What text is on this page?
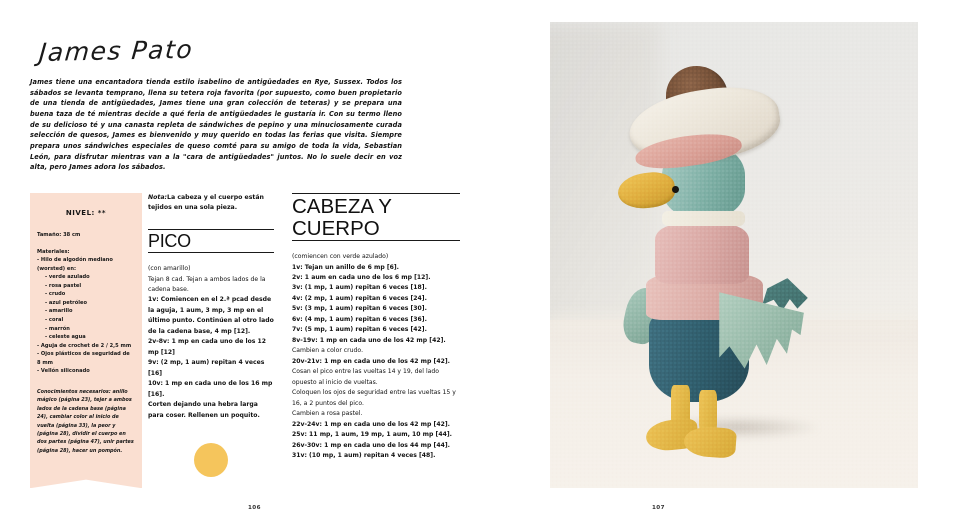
James Pato
James tiene una encantadora tienda estilo isabelino de antigüedades en Rye, Sussex. Todos los sábados se levanta temprano, llena su tetera roja favorita (por supuesto, como buen propietario de una tienda de antigüedades, James tiene una gran colección de teteras) y se prepara una buena taza de té mientras decide a qué feria de antigüedades le gustaría ir. Con su termo lleno de su delicioso té y una canasta repleta de sándwiches de pepino y una minuciosamente curada selección de quesos, James es bienvenido y muy querido en todas las ferias que visita. Siempre prepara unos sándwiches especiales de queso comté para su amigo de toda la vida, Sebastian León, para disfrutar mientras van a la "cara de antigüedades" juntos. No lo suele decir en voz alta, pero James adora los sábados.
NIVEL: **
Tamaño: 38 cm
Materiales:
- Hilo de algodón mediano (worsted) en:
- verde azulado
- rosa pastel
- crudo
- azul petróleo
- amarillo
- coral
- marrón
- celeste agua
- Aguja de crochet de 2 / 2,5 mm
- Ojos plásticos de seguridad de 8 mm
- Vellón siliconado
Conocimientos necesarios: anillo mágico (página 23), tejer a ambos lados de la cadena base (página 24), cambiar color al inicio de vuelta (página 33), la peor y (página 28), dividir el cuerpo en dos partes (página 47), unir partes (página 28), hacer un pompón.
Nota:La cabeza y el cuerpo están tejidos en una sola pieza.
PICO

(con amarillo)

Tejan 8 cad. Tejan a ambos lados de la cadena base.

1v: Comiencen en el 2.ª pcad desde la aguja, 1 aum, 3 mp, 3 mp en el último punto. Continúen al otro lado de la cadena base, 4 mp [12].

2v-8v: 1 mp en cada uno de los 12 mp [12]

9v: (2 mp, 1 aum) repitan 4 veces [16]

10v: 1 mp en cada uno de los 16 mp [16].

Corten dejando una hebra larga para coser. Rellenen un poquito.

CABEZA Y CUERPO

(comiencen con verde azulado)

1v: Tejan un anillo de 6 mp [6].

2v: 1 aum en cada uno de los 6 mp [12].

3v: (1 mp, 1 aum) repitan 6 veces [18].

4v: (2 mp, 1 aum) repitan 6 veces [24].

5v: (3 mp, 1 aum) repitan 6 veces [30].

6v: (4 mp, 1 aum) repitan 6 veces [36].

7v: (5 mp, 1 aum) repitan 6 veces [42].

8v-19v: 1 mp en cada uno de los 42 mp [42].

Cambien a color crudo.

20v-21v: 1 mp en cada uno de los 42 mp [42].

Cosan el pico entre las vueltas 14 y 19, del lado opuesto al inicio de vueltas.

Coloquen los ojos de seguridad entre las vueltas 15 y 16, a 2 puntos del pico.

Cambien a rosa pastel.

22v-24v: 1 mp en cada uno de los 42 mp [42].

25v: 11 mp, 1 aum, 19 mp, 1 aum, 10 mp [44].

26v-30v: 1 mp en cada uno de los 44 mp [44].

31v: (10 mp, 1 aum) repitan 4 veces [48].

106	107
